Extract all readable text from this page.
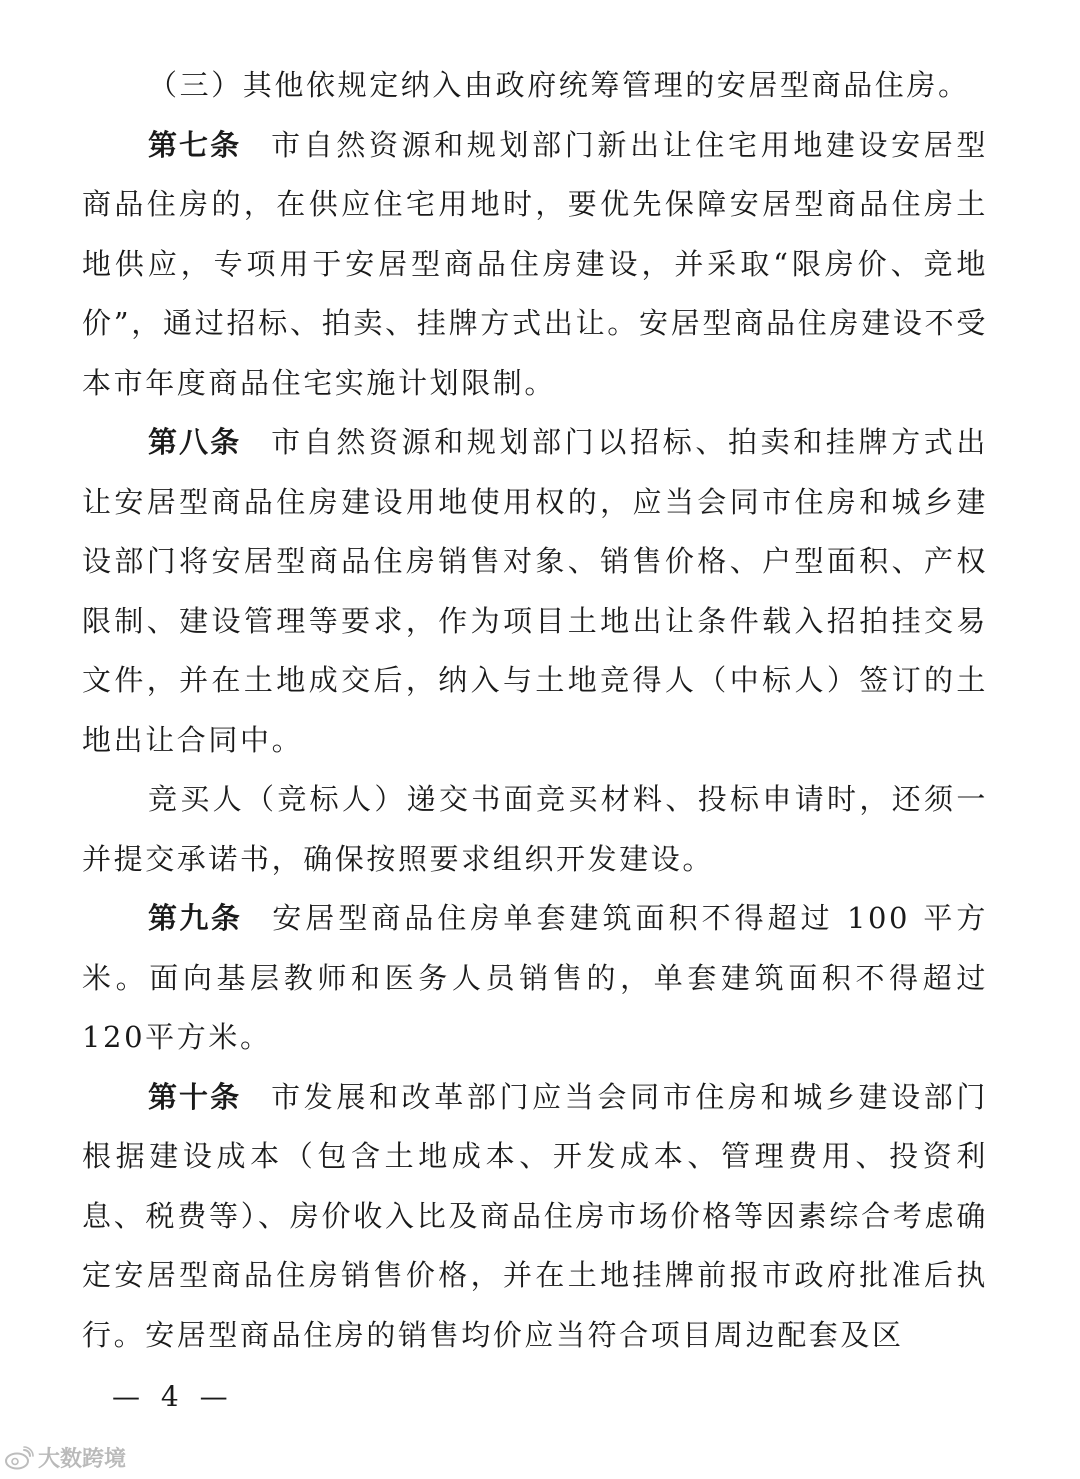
（三）其他依规定纳入由政府统筹管理的安居型商品住房。

第七条 市自然资源和规划部门新出让住宅用地建设安居型商品住房的，在供应住宅用地时，要优先保障安居型商品住房土地供应，专项用于安居型商品住房建设，并采取“限房价、竞地价”，通过招标、拍卖、挂牌方式出让。安居型商品住房建设不受本市年度商品住宅实施计划限制。

第八条 市自然资源和规划部门以招标、拍卖和挂牌方式出让安居型商品住房建设用地使用权的，应当会同市住房和城乡建设部门将安居型商品住房销售对象、销售价格、户型面积、产权限制、建设管理等要求，作为项目土地出让条件载入招拍挂交易文件，并在土地成交后，纳入与土地竞得人（中标人）签订的土地出让合同中。

竞买人（竞标人）递交书面竞买材料、投标申请时，还须一并提交承诺书，确保按照要求组织开发建设。

第九条 安居型商品住房单套建筑面积不得超过 100 平方米。面向基层教师和医务人员销售的，单套建筑面积不得超过120平方米。

第十条 市发展和改革部门应当会同市住房和城乡建设部门根据建设成本（包含土地成本、开发成本、管理费用、投资利息、税费等）、房价收入比及商品住房市场价格等因素综合考虑确定安居型商品住房销售价格，并在土地挂牌前报市政府批准后执行。安居型商品住房的销售均价应当符合项目周边配套及区

— 4 —
大数跨境
